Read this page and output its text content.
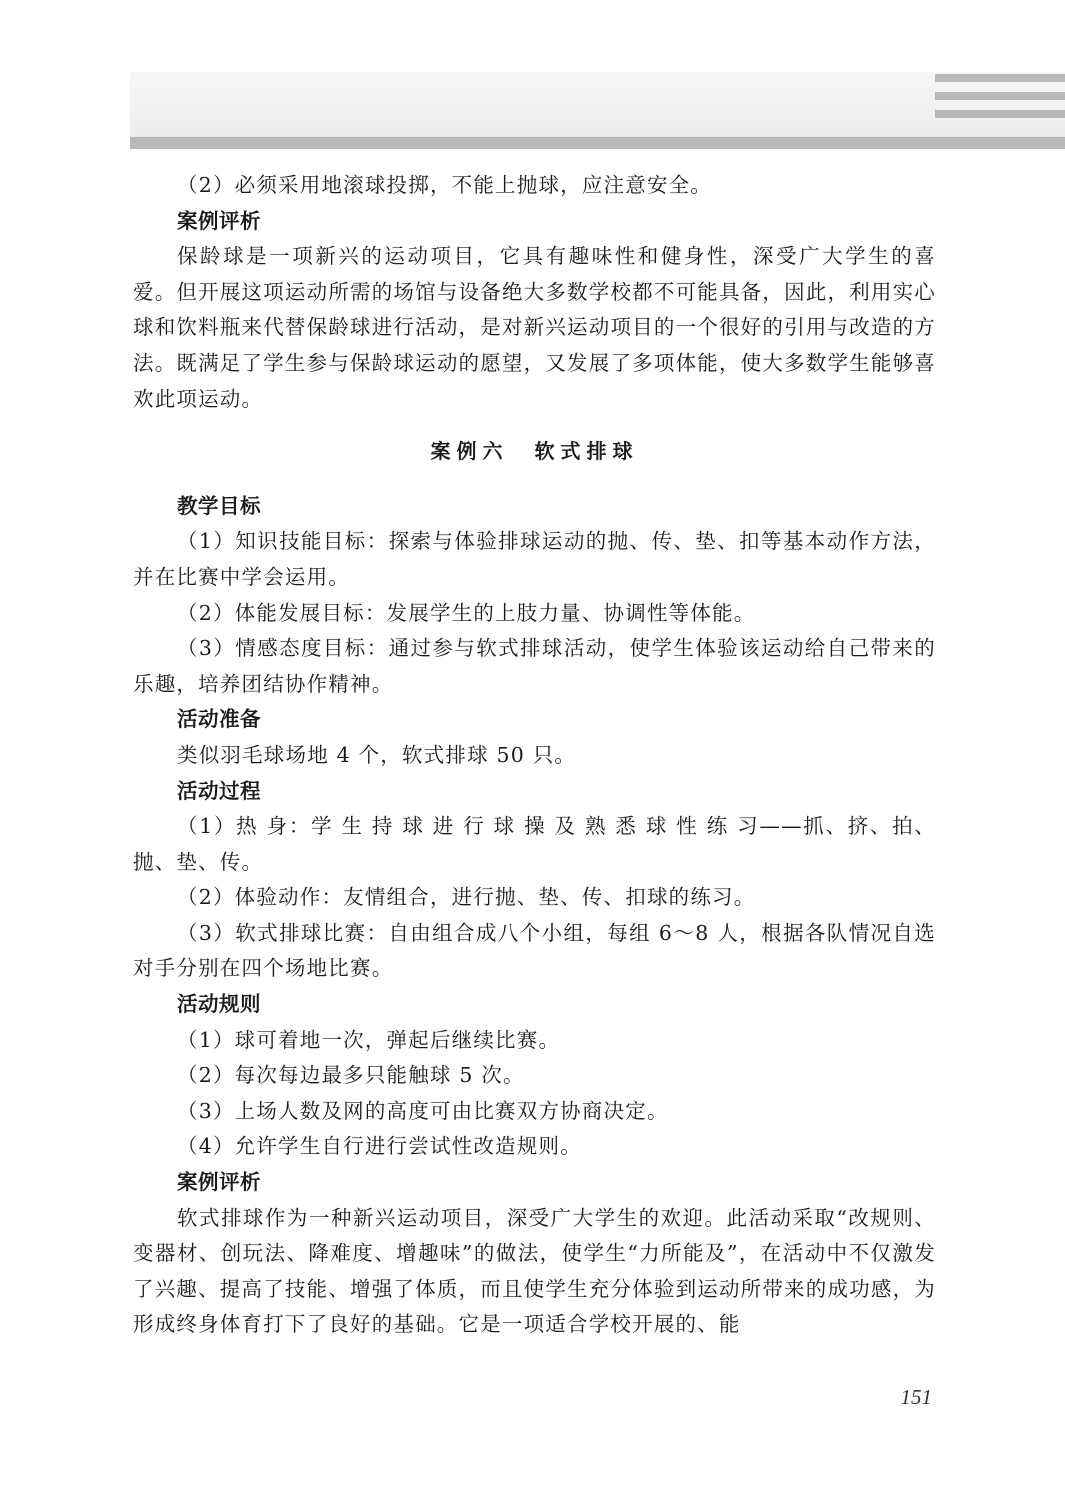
（2）必须采用地滚球投掷，不能上抛球，应注意安全。

案例评析

保龄球是一项新兴的运动项目，它具有趣味性和健身性，深受广大学生的喜爱。但开展这项运动所需的场馆与设备绝大多数学校都不可能具备，因此，利用实心球和饮料瓶来代替保龄球进行活动，是对新兴运动项目的一个很好的引用与改造的方法。既满足了学生参与保龄球运动的愿望，又发展了多项体能，使大多数学生能够喜欢此项运动。

案例六　软式排球

教学目标

（1）知识技能目标：探索与体验排球运动的抛、传、垫、扣等基本动作方法，并在比赛中学会运用。

（2）体能发展目标：发展学生的上肢力量、协调性等体能。

（3）情感态度目标：通过参与软式排球活动，使学生体验该运动给自己带来的乐趣，培养团结协作精神。

活动准备

类似羽毛球场地 4 个，软式排球 50 只。

活动过程

（1）热 身：学 生 持 球 进 行 球 操 及 熟 悉 球 性 练 习——抓、挤、拍、抛、垫、传。

（2）体验动作：友情组合，进行抛、垫、传、扣球的练习。

（3）软式排球比赛：自由组合成八个小组，每组 6～8 人，根据各队情况自选对手分别在四个场地比赛。

活动规则

（1）球可着地一次，弹起后继续比赛。

（2）每次每边最多只能触球 5 次。

（3）上场人数及网的高度可由比赛双方协商决定。

（4）允许学生自行进行尝试性改造规则。

案例评析

软式排球作为一种新兴运动项目，深受广大学生的欢迎。此活动采取“改规则、变器材、创玩法、降难度、增趣味”的做法，使学生“力所能及”，在活动中不仅激发了兴趣、提高了技能、增强了体质，而且使学生充分体验到运动所带来的成功感，为形成终身体育打下了良好的基础。它是一项适合学校开展的、能

151
